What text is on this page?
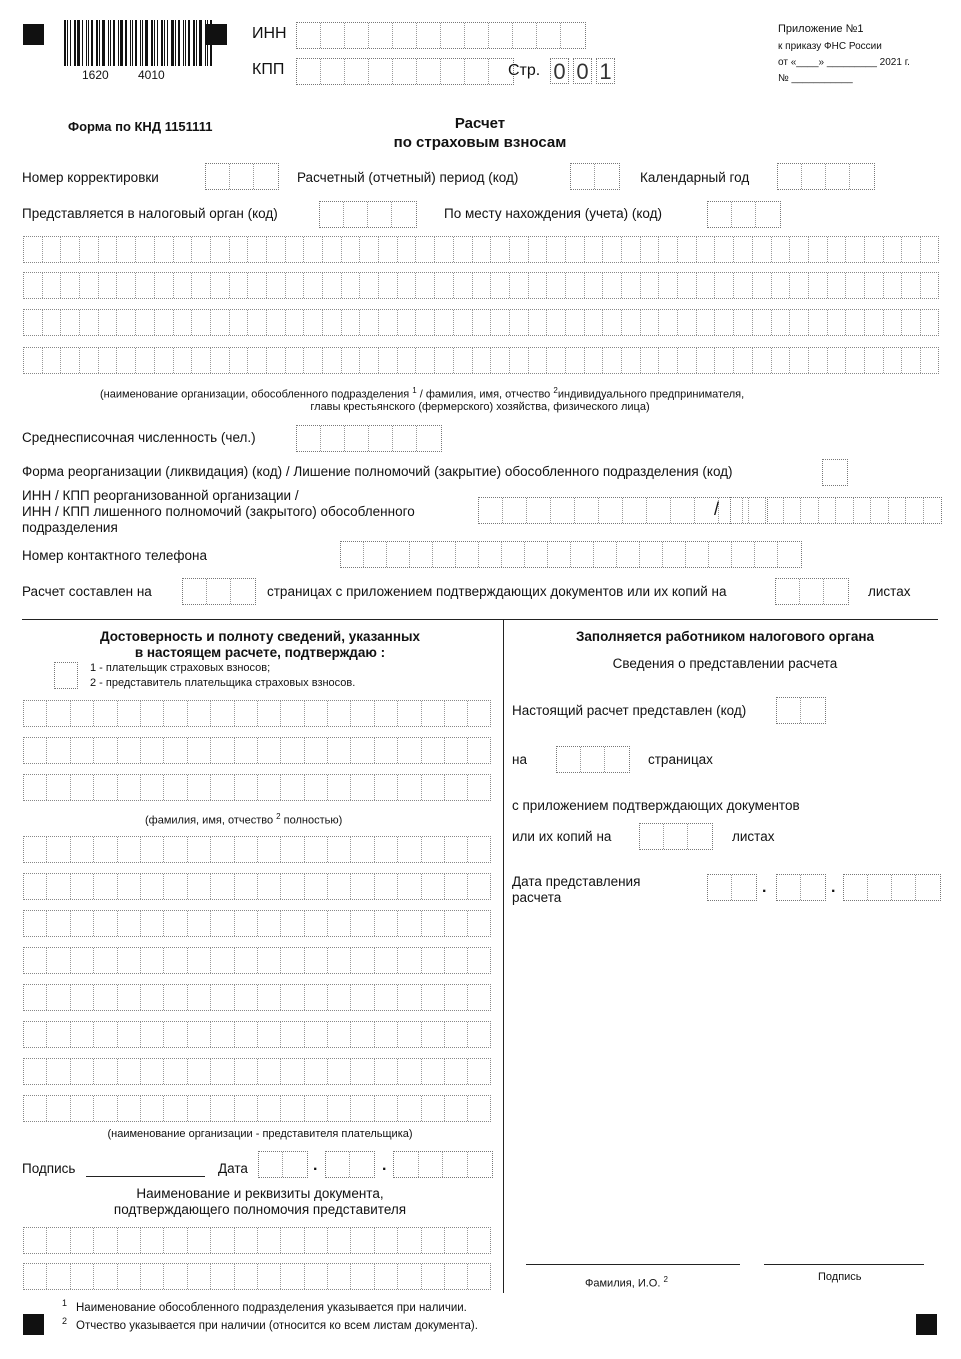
1620 4010
ИНН
КПП	Стр. 0 0 1
Приложение №1
к приказу ФНС России
от «____» _________ 2021 г.
№ ___________
Форма по КНД 1151111	Расчет
по страховым взносам
Номер корректировки	Расчетный (отчетный) период (код)	Календарный год
Представляется в налоговый орган (код)	По месту нахождения (учета) (код)
(наименование организации, обособленного подразделения $^1$ / фамилия, имя, отчество $^2$индивидуального предпринимателя,
главы крестьянского (фермерского) хозяйства, физического лица)
Среднесписочная численность (чел.)
Форма реорганизации (ликвидация) (код) / Лишение полномочий (закрытие) обособленного подразделения (код)
ИНН / КПП реорганизованной организации /
ИНН / КПП лишенного полномочий (закрытого) обособленного
подразделения
/
Номер контактного телефона
Расчет составлен на	страницах с приложением подтверждающих документов или их копий на	листах
Достоверность и полноту сведений, указанных
в настоящем расчете, подтверждаю :
1 - плательщик страховых взносов;
2 - представитель плательщика страховых взносов.
(фамилия, имя, отчество $^2$ полностью)
(наименование организации - представителя плательщика)
Подпись	Дата	.	.
Наименование и реквизиты документа,
подтверждающего полномочия представителя
Заполняется работником налогового органа
Сведения о представлении расчета
Настоящий расчет представлен (код)
на	страницах
с приложением подтверждающих документов
или их копий на	листах
Дата представления
расчета
.	.
Фамилия, И.О. $^2$	Подпись
1 Наименование обособленного подразделения указывается при наличии.
2 Отчество указывается при наличии (относится ко всем листам документа).
